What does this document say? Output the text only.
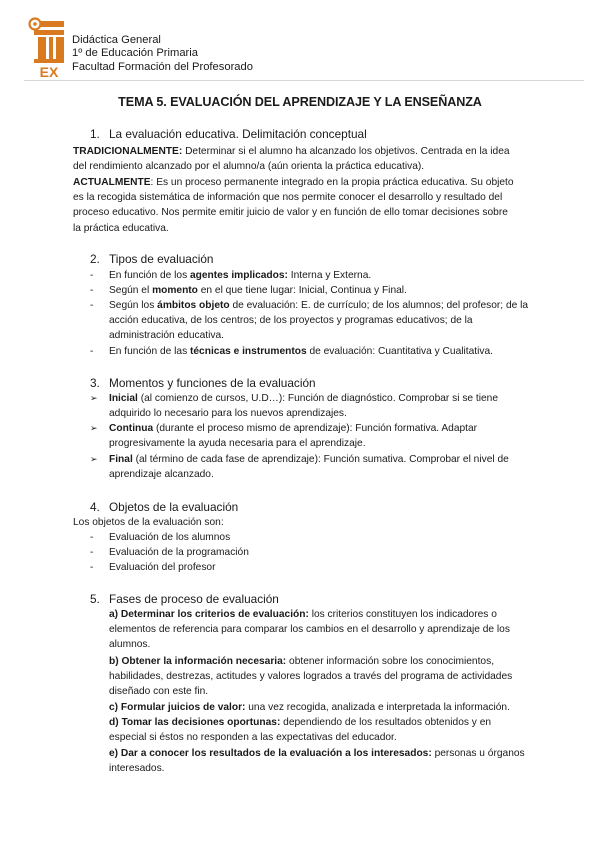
EX
Didáctica General
1º de Educación Primaria
Facultad Formación del Profesorado
TEMA 5. EVALUACIÓN DEL APRENDIZAJE Y LA ENSEÑANZA
1. La evaluación educativa. Delimitación conceptual
TRADICIONALMENTE: Determinar si el alumno ha alcanzado los objetivos. Centrada en la idea del rendimiento alcanzado por el alumno/a (aún orienta la práctica educativa).
ACTUALMENTE: Es un proceso permanente integrado en la propia práctica educativa. Su objeto es la recogida sistemática de información que nos permite conocer el desarrollo y resultado del proceso educativo. Nos permite emitir juicio de valor y en función de ello tomar decisiones sobre la práctica educativa.
2. Tipos de evaluación
-	En función de los agentes implicados: Interna y Externa.
-	Según el momento en el que tiene lugar: Inicial, Continua y Final.
-	Según los ámbitos objeto de evaluación: E. de currículo; de los alumnos; del profesor; de la acción educativa, de los centros; de los proyectos y programas educativos; de la administración educativa.
-	En función de las técnicas e instrumentos de evaluación: Cuantitativa y Cualitativa.
3. Momentos y funciones de la evaluación
➢	Inicial (al comienzo de cursos, U.D…): Función de diagnóstico. Comprobar si se tiene adquirido lo necesario para los nuevos aprendizajes.
➢	Continua (durante el proceso mismo de aprendizaje): Función formativa. Adaptar progresivamente la ayuda necesaria para el aprendizaje.
➢	Final (al término de cada fase de aprendizaje): Función sumativa. Comprobar el nivel de aprendizaje alcanzado.
4. Objetos de la evaluación
Los objetos de la evaluación son:
-	Evaluación de los alumnos
-	Evaluación de la programación
-	Evaluación del profesor
5. Fases de proceso de evaluación
a) Determinar los criterios de evaluación: los criterios constituyen los indicadores o elementos de referencia para comparar los cambios en el desarrollo y aprendizaje de los alumnos.
b) Obtener la información necesaria: obtener información sobre los conocimientos, habilidades, destrezas, actitudes y valores logrados a través del programa de actividades diseñado con este fin.
c) Formular juicios de valor: una vez recogida, analizada e interpretada la información.
d) Tomar las decisiones oportunas: dependiendo de los resultados obtenidos y en especial si éstos no responden a las expectativas del educador.
e) Dar a conocer los resultados de la evaluación a los interesados: personas u órganos interesados.
